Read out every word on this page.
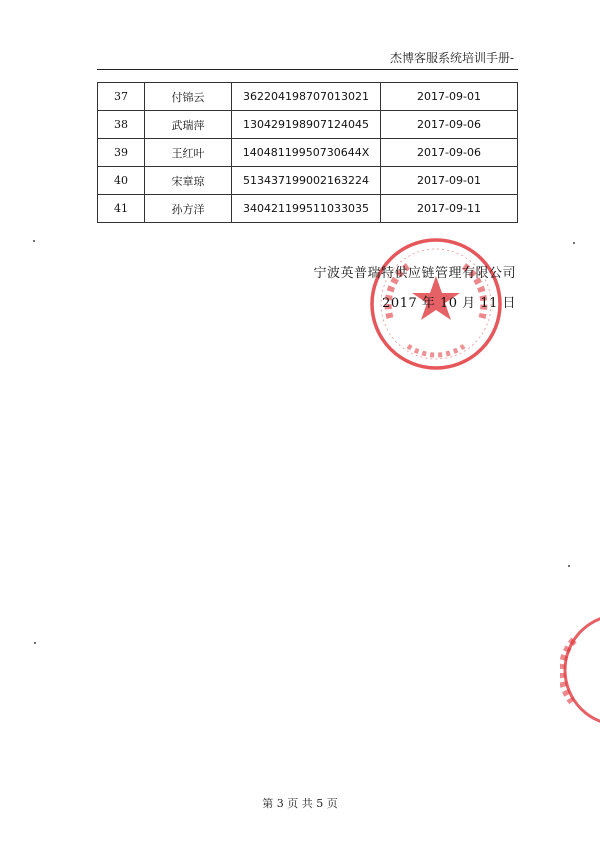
杰博客服系统培训手册-
37	付锦云	362204198707013021	2017-09-01
38	武瑞萍	130429198907124045	2017-09-06
39	王红叶	14048119950730644X	2017-09-06
40	宋章琼	513437199002163224	2017-09-01
41	孙方洋	340421199511033035	2017-09-11
宁波英普瑞特供应链管理有限公司
2017 年 10 月 11 日
第 3 页 共 5 页
